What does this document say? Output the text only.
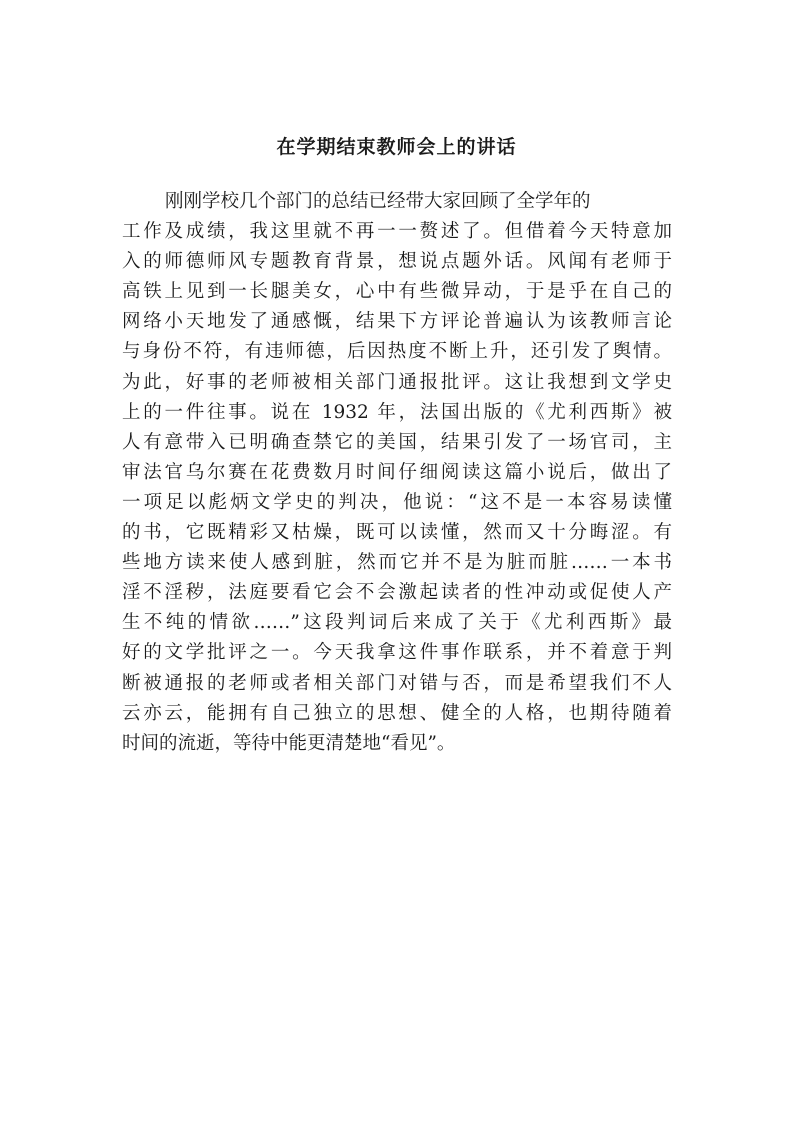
在学期结束教师会上的讲话
刚刚学校几个部门的总结已经带大家回顾了全学年的
工作及成绩，我这里就不再一一赘述了。但借着今天特意加
入的师德师风专题教育背景，想说点题外话。风闻有老师于
高铁上见到一长腿美女，心中有些微异动，于是乎在自己的
网络小天地发了通感慨，结果下方评论普遍认为该教师言论
与身份不符，有违师德，后因热度不断上升，还引发了舆情。
为此，好事的老师被相关部门通报批评。这让我想到文学史
上的一件往事。说在 1932 年，法国出版的《尤利西斯》被
人有意带入已明确查禁它的美国，结果引发了一场官司，主
审法官乌尔赛在花费数月时间仔细阅读这篇小说后，做出了
一项足以彪炳文学史的判决，他说：“这不是一本容易读懂
的书，它既精彩又枯燥，既可以读懂，然而又十分晦涩。有
些地方读来使人感到脏，然而它并不是为脏而脏……一本书
淫不淫秽，法庭要看它会不会激起读者的性冲动或促使人产
生不纯的情欲……”这段判词后来成了关于《尤利西斯》最
好的文学批评之一。今天我拿这件事作联系，并不着意于判
断被通报的老师或者相关部门对错与否，而是希望我们不人
云亦云，能拥有自己独立的思想、健全的人格，也期待随着
时间的流逝，等待中能更清楚地“看见”。
